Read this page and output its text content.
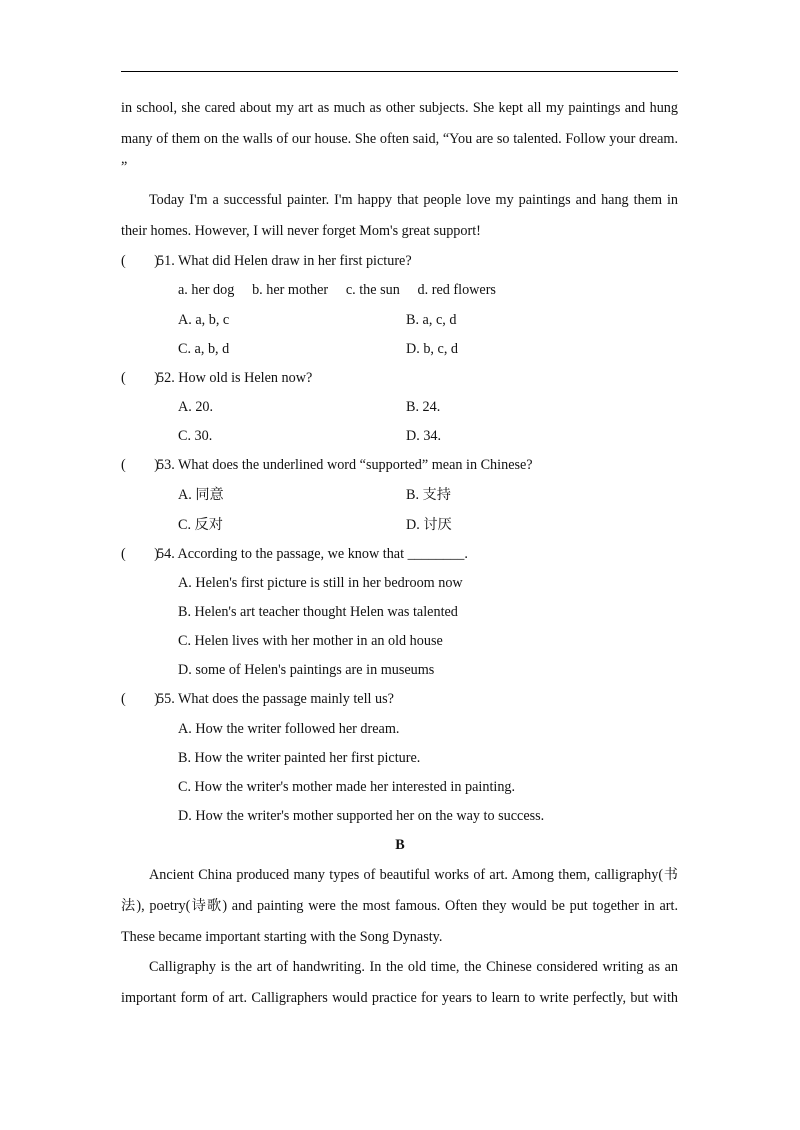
in school, she cared about my art as much as other subjects. She kept all my paintings and hung
many of them on the walls of our house. She often said, “You are so talented. Follow your dream.
”
Today I'm a successful painter. I'm happy that people love my paintings and hang them in
their homes. However, I will never forget Mom's great support!
(  )
51. What did Helen draw in her first picture?
a. her dog  b. her mother  c. the sun  d. red flowers
A. a, b, c	B. a, c, d
C. a, b, d	D. b, c, d
(  )
52. How old is Helen now?
A. 20.	B. 24.
C. 30.	D. 34.
(  )
53. What does the underlined word “supported” mean in Chinese?
A. 同意	B. 支持
C. 反对	D. 讨厌
(  )
54. According to the passage, we know that ________.
A. Helen's first picture is still in her bedroom now
B. Helen's art teacher thought Helen was talented
C. Helen lives with her mother in an old house
D. some of Helen's paintings are in museums
(  )
55. What does the passage mainly tell us?
A. How the writer followed her dream.
B. How the writer painted her first picture.
C. How the writer's mother made her interested in painting.
D. How the writer's mother supported her on the way to success.
B
Ancient China produced many types of beautiful works of art. Among them, calligraphy(书
法), poetry(诗歌) and painting were the most famous. Often they would be put together in art.
These became important starting with the Song Dynasty.
Calligraphy is the art of handwriting. In the old time, the Chinese considered writing as an
important form of art. Calligraphers would practice for years to learn to write perfectly, but with
